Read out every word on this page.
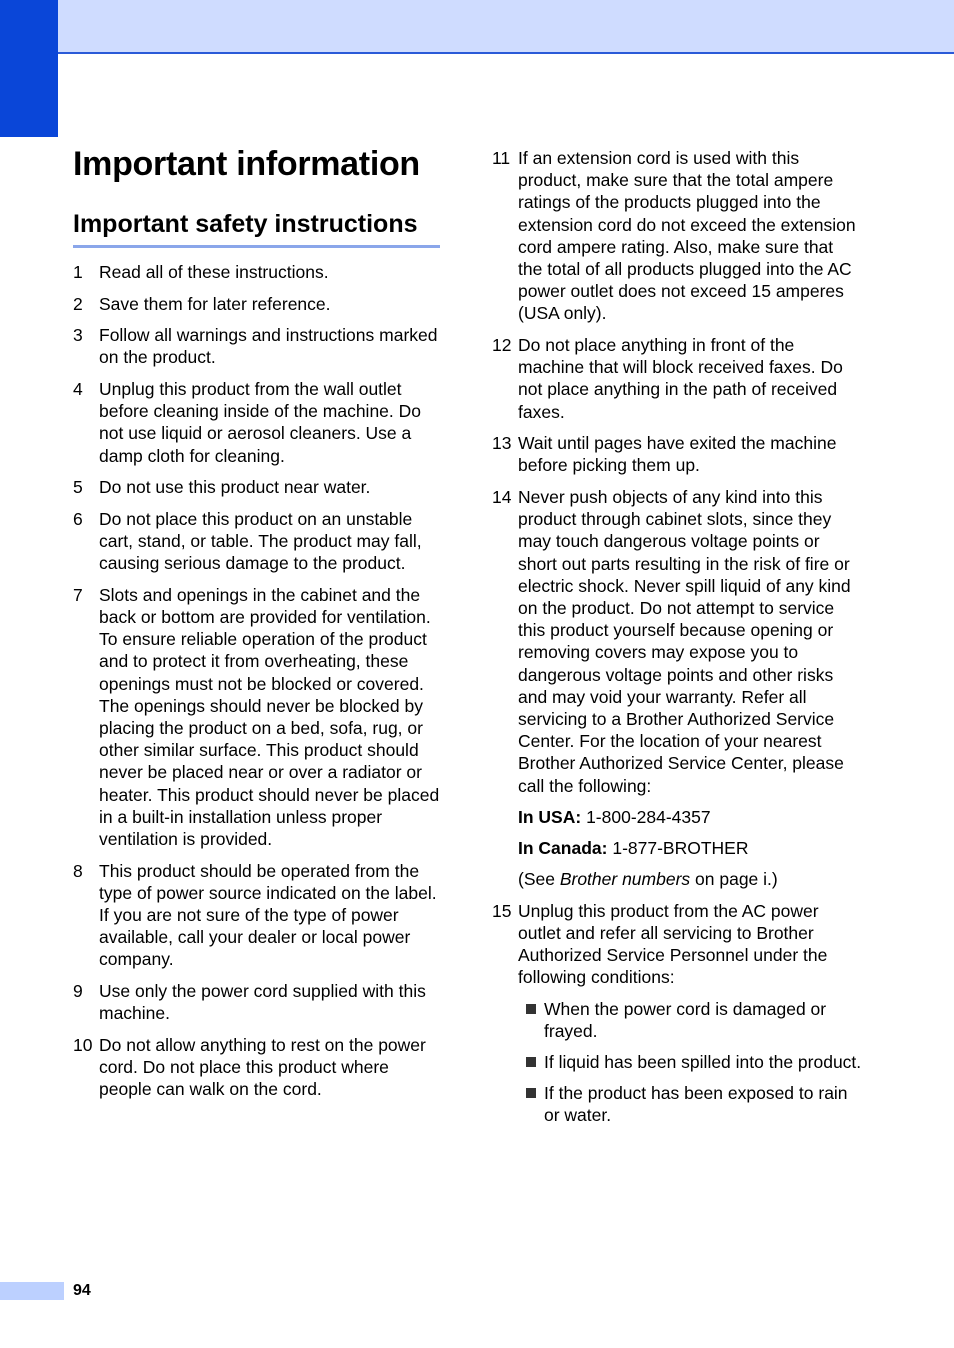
Important information
Important safety instructions
1 Read all of these instructions.
2 Save them for later reference.
3 Follow all warnings and instructions marked on the product.
4 Unplug this product from the wall outlet before cleaning inside of the machine. Do not use liquid or aerosol cleaners. Use a damp cloth for cleaning.
5 Do not use this product near water.
6 Do not place this product on an unstable cart, stand, or table. The product may fall, causing serious damage to the product.
7 Slots and openings in the cabinet and the back or bottom are provided for ventilation. To ensure reliable operation of the product and to protect it from overheating, these openings must not be blocked or covered. The openings should never be blocked by placing the product on a bed, sofa, rug, or other similar surface. This product should never be placed near or over a radiator or heater. This product should never be placed in a built-in installation unless proper ventilation is provided.
8 This product should be operated from the type of power source indicated on the label. If you are not sure of the type of power available, call your dealer or local power company.
9 Use only the power cord supplied with this machine.
10 Do not allow anything to rest on the power cord. Do not place this product where people can walk on the cord.
11 If an extension cord is used with this product, make sure that the total ampere ratings of the products plugged into the extension cord do not exceed the extension cord ampere rating. Also, make sure that the total of all products plugged into the AC power outlet does not exceed 15 amperes (USA only).
12 Do not place anything in front of the machine that will block received faxes. Do not place anything in the path of received faxes.
13 Wait until pages have exited the machine before picking them up.
14 Never push objects of any kind into this product through cabinet slots, since they may touch dangerous voltage points or short out parts resulting in the risk of fire or electric shock. Never spill liquid of any kind on the product. Do not attempt to service this product yourself because opening or removing covers may expose you to dangerous voltage points and other risks and may void your warranty. Refer all servicing to a Brother Authorized Service Center. For the location of your nearest Brother Authorized Service Center, please call the following:

In USA: 1-800-284-4357

In Canada: 1-877-BROTHER

(See Brother numbers on page i.)

15 Unplug this product from the AC power outlet and refer all servicing to Brother Authorized Service Personnel under the following conditions:
When the power cord is damaged or frayed.
If liquid has been spilled into the product.
If the product has been exposed to rain or water.
94
